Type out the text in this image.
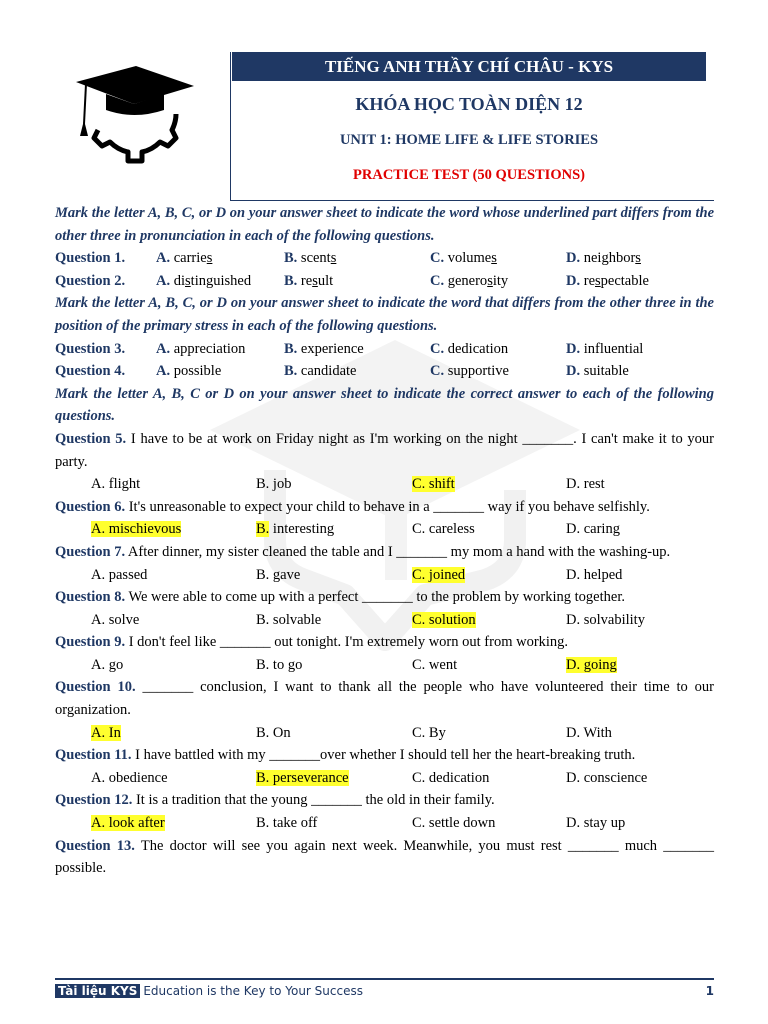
TIẾNG ANH THẦY CHÍ CHÂU - KYS
KHÓA HỌC TOÀN DIỆN 12
UNIT 1: HOME LIFE & LIFE STORIES
PRACTICE TEST (50 QUESTIONS)
Mark the letter A, B, C, or D on your answer sheet to indicate the word whose underlined part differs from the other three in pronunciation in each of the following questions.
Question 1. A. carries	B. scents	C. volumes	D. neighbors
Question 2. A. distinguished B. result	C. generosity	D. respectable
Mark the letter A, B, C, or D on your answer sheet to indicate the word that differs from the other three in the position of the primary stress in each of the following questions.
Question 3. A. appreciation	B. experience	C. dedication	D. influential
Question 4. A. possible	B. candidate	C. supportive	D. suitable
Mark the letter A, B, C or D on your answer sheet to indicate the correct answer to each of the following questions.
Question 5. I have to be at work on Friday night as I'm working on the night _______. I can't make it to your party.
A. flight	B. job	C. shift	D. rest
Question 6. It's unreasonable to expect your child to behave in a _______ way if you behave selfishly.
A. mischievous	B. interesting	C. careless	D. caring
Question 7. After dinner, my sister cleaned the table and I _______ my mom a hand with the washing-up.
A. passed	B. gave	C. joined	D. helped
Question 8. We were able to come up with a perfect _______ to the problem by working together.
A. solve	B. solvable	C. solution	D. solvability
Question 9. I don't feel like _______ out tonight. I'm extremely worn out from working.
A. go	B. to go	C. went	D. going
Question 10. _______ conclusion, I want to thank all the people who have volunteered their time to our organization.
A. In	B. On	C. By	D. With
Question 11. I have battled with my _______over whether I should tell her the heart-breaking truth.
A. obedience	B. perseverance	C. dedication	D. conscience
Question 12. It is a tradition that the young _______ the old in their family.
A. look after	B. take off	C. settle down	D. stay up
Question 13. The doctor will see you again next week. Meanwhile, you must rest _______ much _______ possible.
Tài liệu KYS Education is the Key to Your Success	1
